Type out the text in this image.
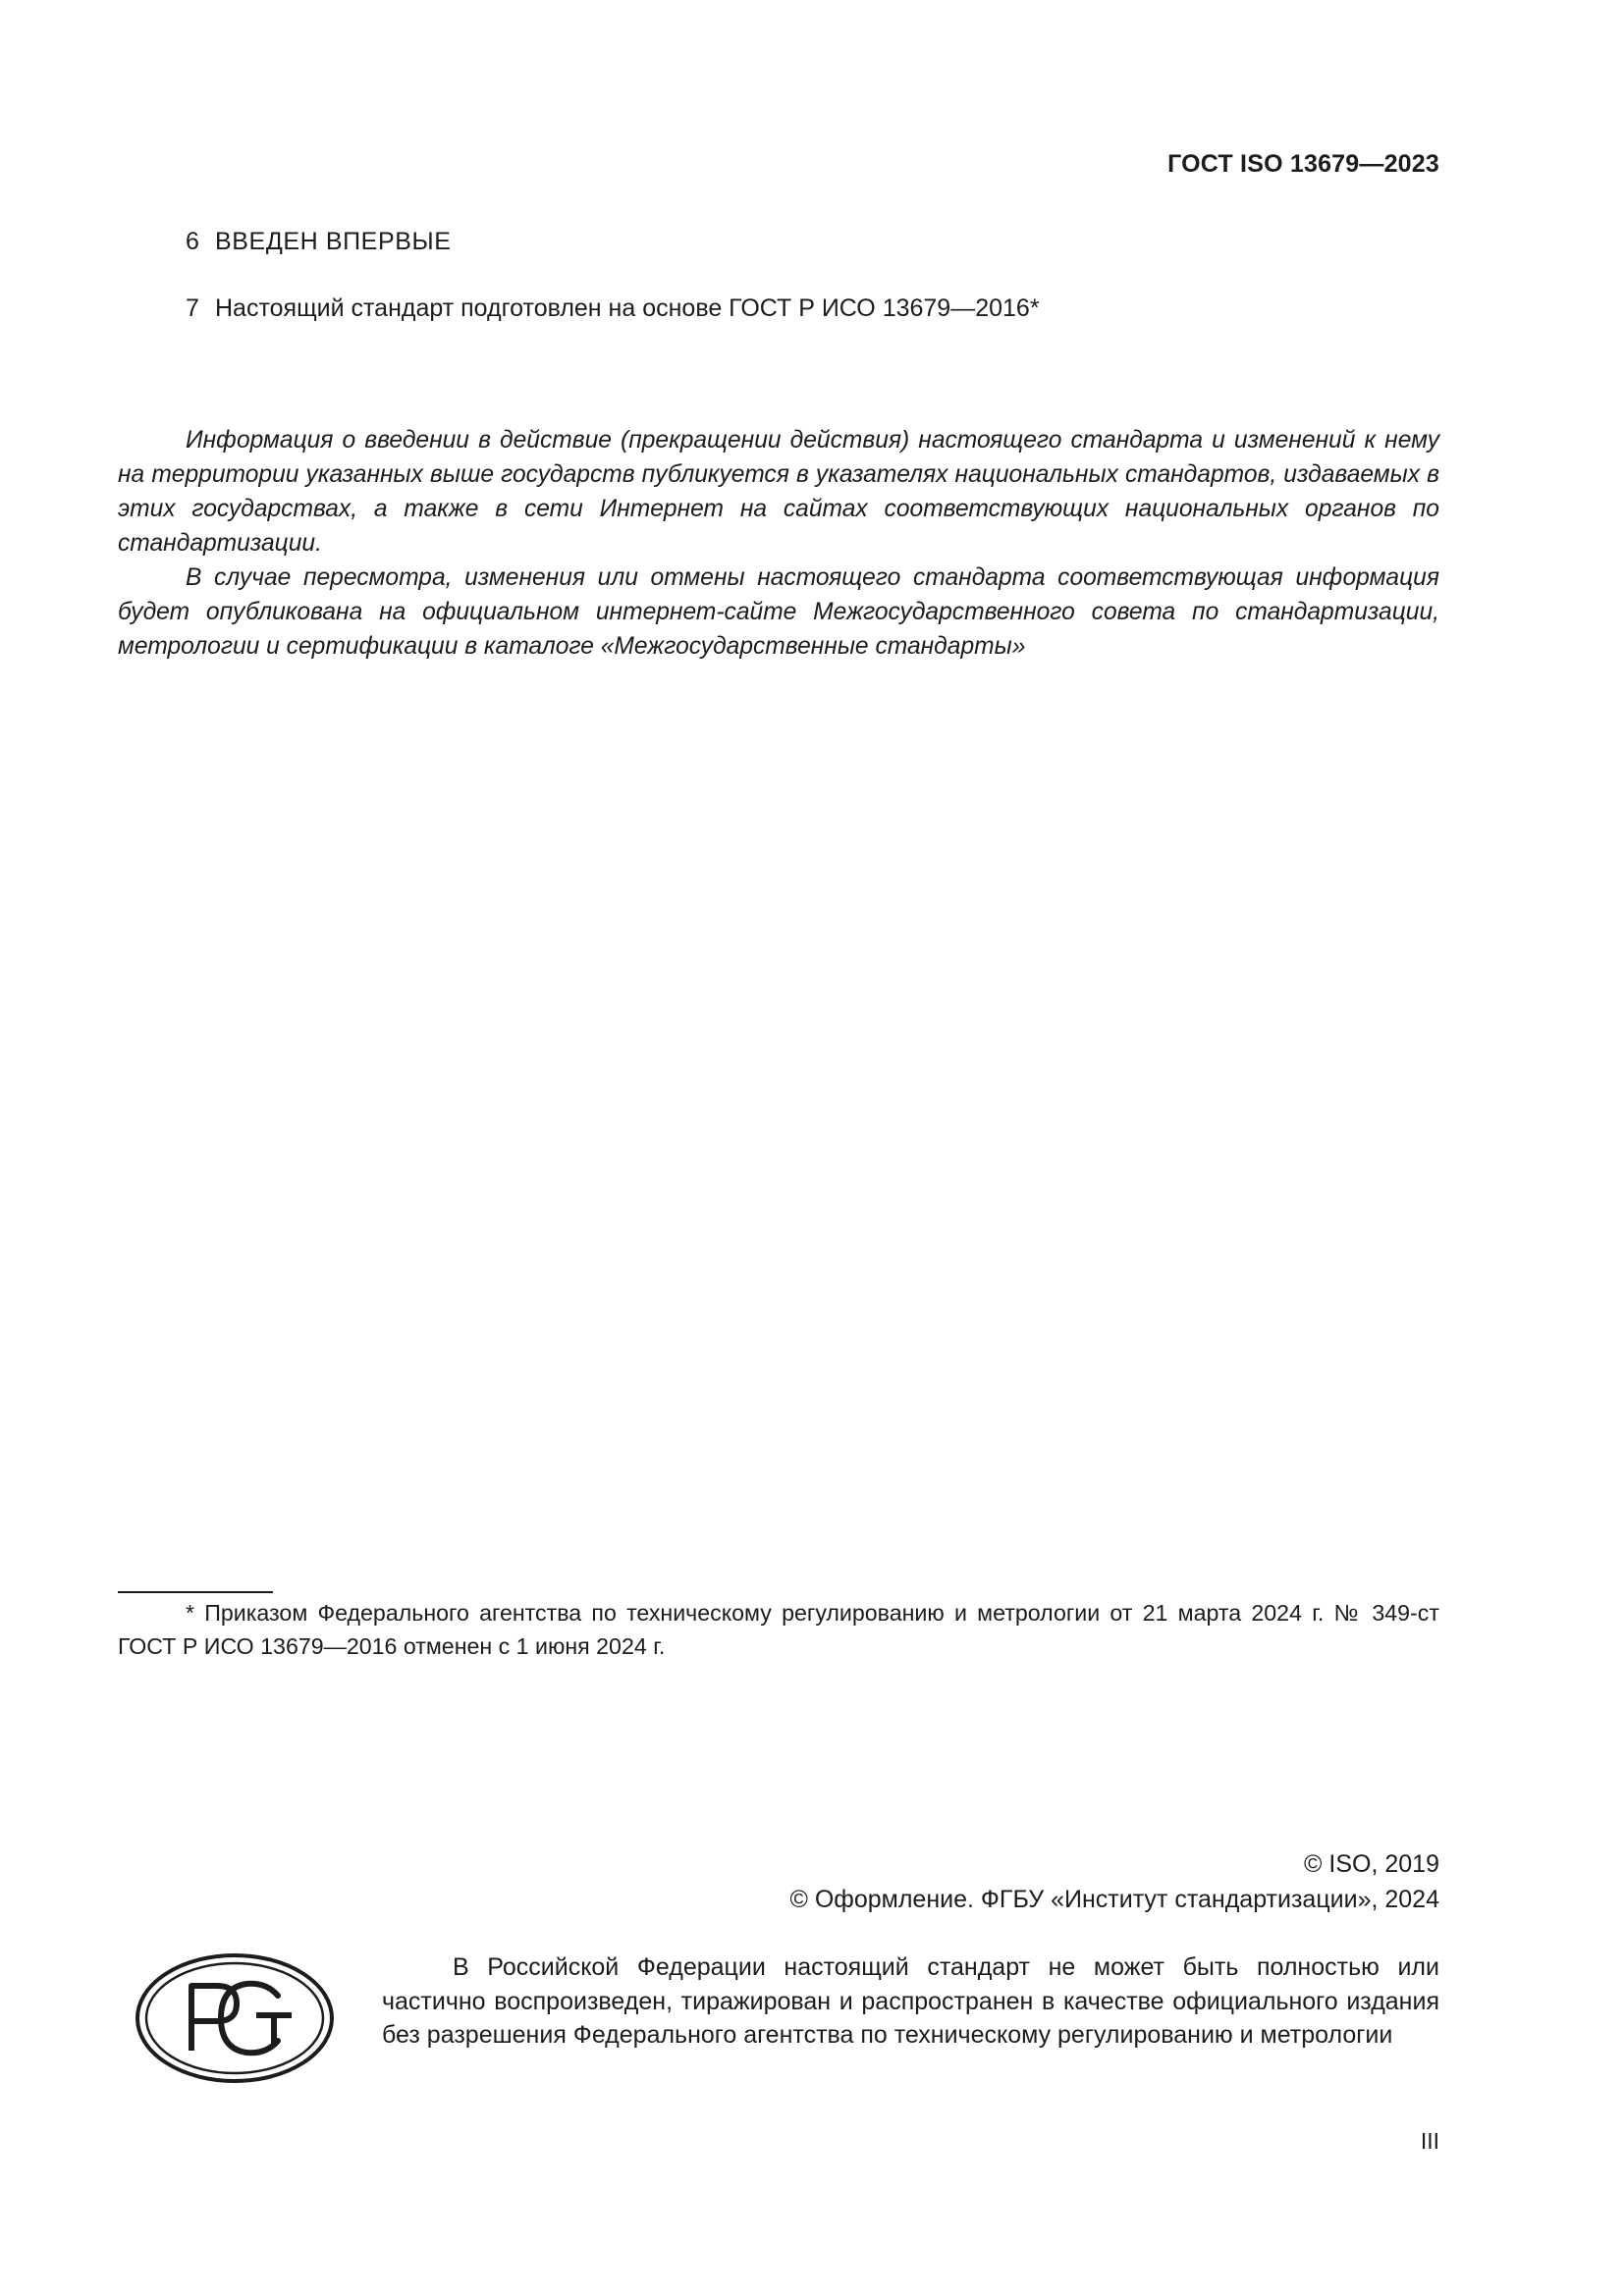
ГОСТ ISO 13679—2023
6 ВВЕДЕН ВПЕРВЫЕ
7 Настоящий стандарт подготовлен на основе ГОСТ Р ИСО 13679—2016*

Информация о введении в действие (прекращении действия) настоящего стандарта и изменений к нему на территории указанных выше государств публикуется в указателях национальных стандартов, издаваемых в этих государствах, а также в сети Интернет на сайтах соответствующих национальных органов по стандартизации.

В случае пересмотра, изменения или отмены настоящего стандарта соответствующая информация будет опубликована на официальном интернет-сайте Межгосударственного совета по стандартизации, метрологии и сертификации в каталоге «Межгосударственные стандарты»

* Приказом Федерального агентства по техническому регулированию и метрологии от 21 марта 2024 г. № 349-ст ГОСТ Р ИСО 13679—2016 отменен с 1 июня 2024 г.

© ISO, 2019
© Оформление. ФГБУ «Институт стандартизации», 2024

В Российской Федерации настоящий стандарт не может быть полностью или частично воспроизведен, тиражирован и распространен в качестве официального издания без разрешения Федерального агентства по техническому регулированию и метрологии

III
